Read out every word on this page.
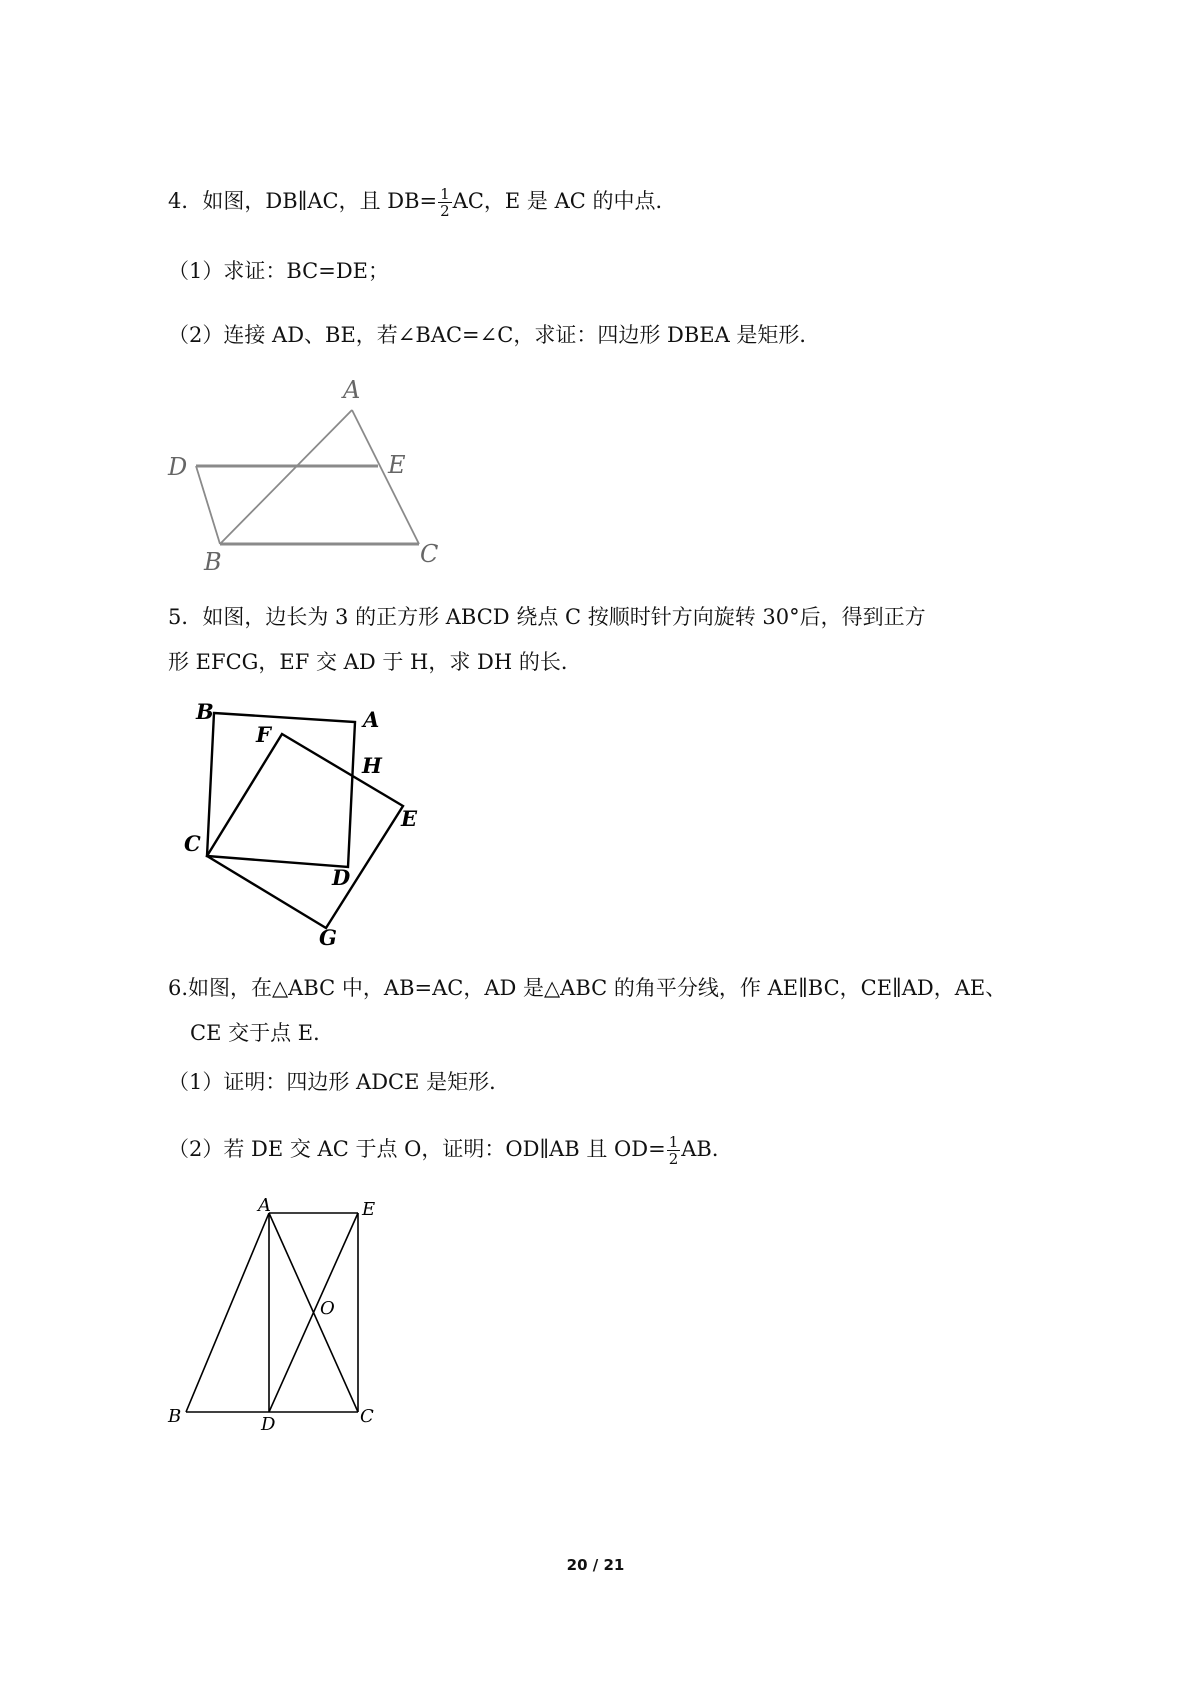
4．如图，DB∥AC，且 $DB= \frac{1}{2}$ AC，E 是 AC 的中点．
（1）求证：BC=DE；
（2）连接 AD、BE，若∠BAC=∠C，求证：四边形 DBEA 是矩形．
A
D	E
B	C
5．如图，边长为 3 的正方形 ABCD 绕点 C 按顺时针方向旋转 30°后，得到正方
形 EFCG，EF 交 AD 于 H，求 DH 的长．
B	A
F
H
E
C
D
G
6.如图，在△ABC 中，AB=AC，AD 是△ABC 的角平分线，作 AE∥BC，CE∥AD，AE、
CE 交于点 E．
（1）证明：四边形 ADCE 是矩形．
（2）若 DE 交 AC 于点 O，证明：OD∥AB 且 $OD= \frac{1}{2}$ AB．
A	E
O
B	D	C
20 / 21
